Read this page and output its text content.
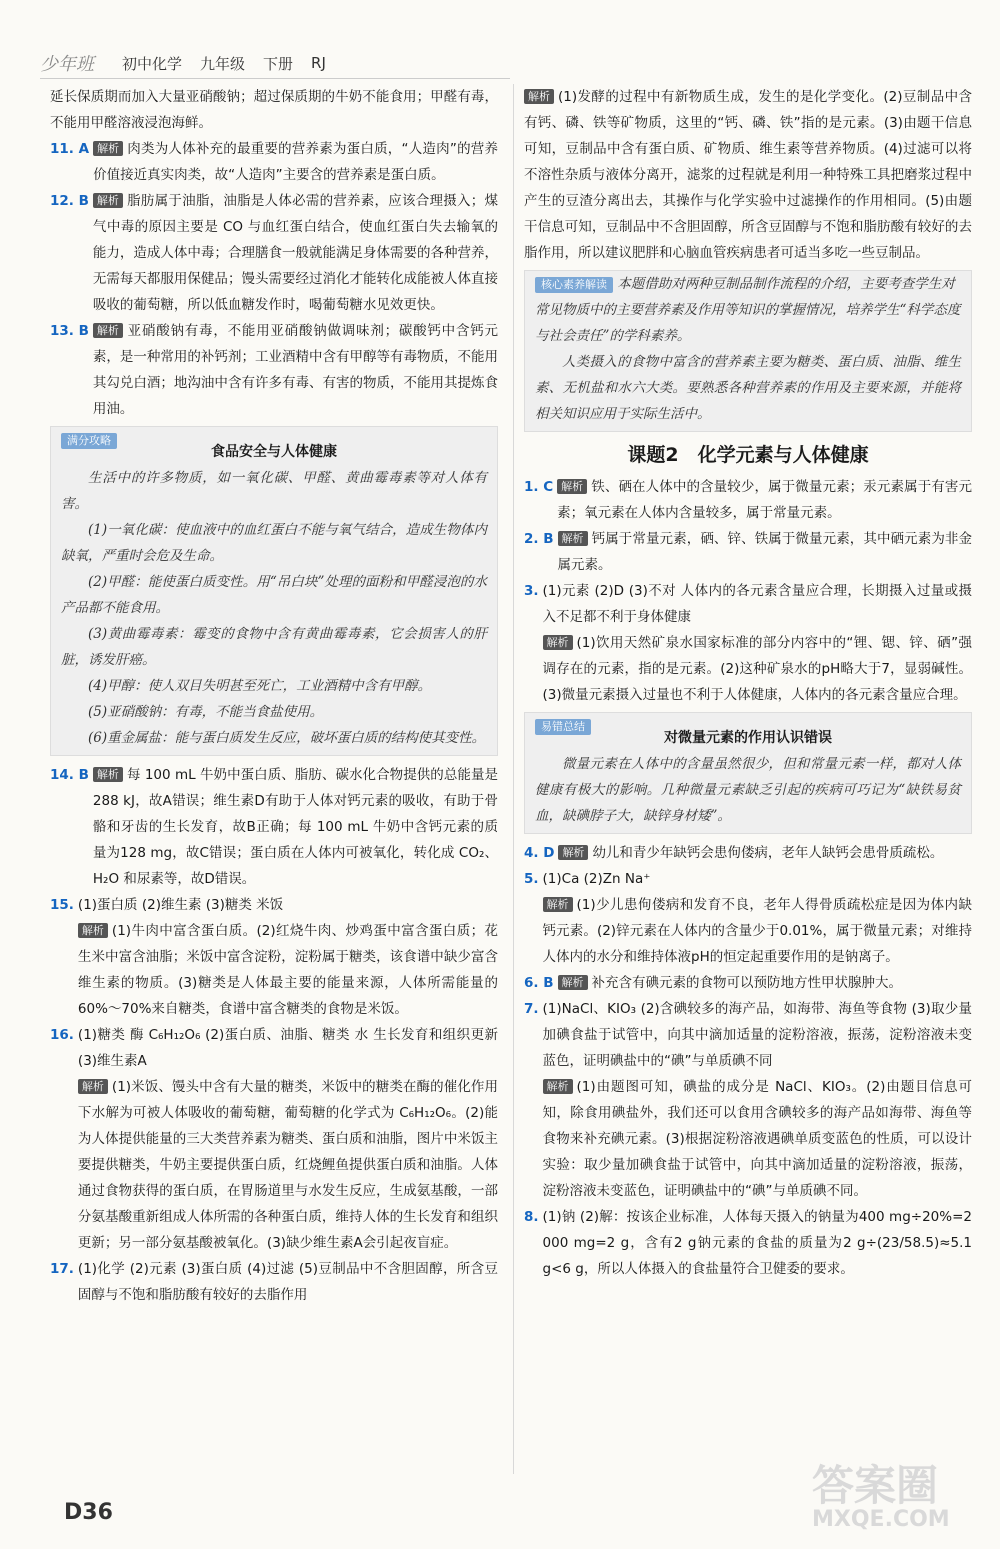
少年班 初中化学 九年级 下册 RJ

延长保质期而加入大量亚硝酸钠；超过保质期的牛奶不能食用；甲醛有毒，不能用甲醛溶液浸泡海鲜。

11. A 解析 肉类为人体补充的最重要的营养素为蛋白质，“人造肉”的营养价值接近真实肉类，故“人造肉”主要含的营养素是蛋白质。

12. B 解析 脂肪属于油脂，油脂是人体必需的营养素，应该合理摄入；煤气中毒的原因主要是 CO 与血红蛋白结合，使血红蛋白失去输氧的能力，造成人体中毒；合理膳食一般就能满足身体需要的各种营养，无需每天都服用保健品；馒头需要经过消化才能转化成能被人体直接吸收的葡萄糖，所以低血糖发作时，喝葡萄糖水见效更快。

13. B 解析 亚硝酸钠有毒，不能用亚硝酸钠做调味剂；碳酸钙中含钙元素，是一种常用的补钙剂；工业酒精中含有甲醇等有毒物质，不能用其勾兑白酒；地沟油中含有许多有毒、有害的物质，不能用其提炼食用油。

满分攻略
食品安全与人体健康

生活中的许多物质，如一氧化碳、甲醛、黄曲霉毒素等对人体有害。

(1)一氧化碳：使血液中的血红蛋白不能与氧气结合，造成生物体内缺氧，严重时会危及生命。

(2)甲醛：能使蛋白质变性。用“吊白块”处理的面粉和甲醛浸泡的水产品都不能食用。

(3)黄曲霉毒素：霉变的食物中含有黄曲霉毒素，它会损害人的肝脏，诱发肝癌。

(4)甲醇：使人双目失明甚至死亡，工业酒精中含有甲醇。

(5)亚硝酸钠：有毒，不能当食盐使用。

(6)重金属盐：能与蛋白质发生反应，破坏蛋白质的结构使其变性。

14. B 解析 每 100 mL 牛奶中蛋白质、脂肪、碳水化合物提供的总能量是288 kJ，故A错误；维生素D有助于人体对钙元素的吸收，有助于骨骼和牙齿的生长发育，故B正确；每 100 mL 牛奶中含钙元素的质量为128 mg，故C错误；蛋白质在人体内可被氧化，转化成 CO₂、H₂O 和尿素等，故D错误。

15. (1)蛋白质 (2)维生素 (3)糖类 米饭

解析 (1)牛肉中富含蛋白质。(2)红烧牛肉、炒鸡蛋中富含蛋白质；花生米中富含油脂；米饭中富含淀粉，淀粉属于糖类，该食谱中缺少富含维生素的物质。(3)糖类是人体最主要的能量来源，人体所需能量的60%～70%来自糖类，食谱中富含糖类的食物是米饭。

16. (1)糖类 酶 C₆H₁₂O₆ (2)蛋白质、油脂、糖类 水 生长发育和组织更新 (3)维生素A

解析 (1)米饭、馒头中含有大量的糖类，米饭中的糖类在酶的催化作用下水解为可被人体吸收的葡萄糖，葡萄糖的化学式为 C₆H₁₂O₆。(2)能为人体提供能量的三大类营养素为糖类、蛋白质和油脂，图片中米饭主要提供糖类，牛奶主要提供蛋白质，红烧鲤鱼提供蛋白质和油脂。人体通过食物获得的蛋白质，在胃肠道里与水发生反应，生成氨基酸，一部分氨基酸重新组成人体所需的各种蛋白质，维持人体的生长发育和组织更新；另一部分氨基酸被氧化。(3)缺少维生素A会引起夜盲症。

17. (1)化学 (2)元素 (3)蛋白质 (4)过滤 (5)豆制品中不含胆固醇，所含豆固醇与不饱和脂肪酸有较好的去脂作用

解析 (1)发酵的过程中有新物质生成，发生的是化学变化。(2)豆制品中含有钙、磷、铁等矿物质，这里的“钙、磷、铁”指的是元素。(3)由题干信息可知，豆制品中含有蛋白质、矿物质、维生素等营养物质。(4)过滤可以将不溶性杂质与液体分离开，滤浆的过程就是利用一种特殊工具把磨浆过程中产生的豆渣分离出去，其操作与化学实验中过滤操作的作用相同。(5)由题干信息可知，豆制品中不含胆固醇，所含豆固醇与不饱和脂肪酸有较好的去脂作用，所以建议肥胖和心脑血管疾病患者可适当多吃一些豆制品。

核心素养解读 本题借助对两种豆制品制作流程的介绍，主要考查学生对常见物质中的主要营养素及作用等知识的掌握情况，培养学生“科学态度与社会责任”的学科素养。

人类摄入的食物中富含的营养素主要为糖类、蛋白质、油脂、维生素、无机盐和水六大类。要熟悉各种营养素的作用及主要来源，并能将相关知识应用于实际生活中。

课题2　化学元素与人体健康
1. C 解析 铁、硒在人体中的含量较少，属于微量元素；汞元素属于有害元素；氧元素在人体内含量较多，属于常量元素。

2. B 解析 钙属于常量元素，硒、锌、铁属于微量元素，其中硒元素为非金属元素。

3. (1)元素 (2)D (3)不对 人体内的各元素含量应合理，长期摄入过量或摄入不足都不利于身体健康

解析 (1)饮用天然矿泉水国家标准的部分内容中的“锂、锶、锌、硒”强调存在的元素，指的是元素。(2)这种矿泉水的pH略大于7，显弱碱性。(3)微量元素摄入过量也不利于人体健康，人体内的各元素含量应合理。

易错总结
对微量元素的作用认识错误

微量元素在人体中的含量虽然很少，但和常量元素一样，都对人体健康有极大的影响。几种微量元素缺乏引起的疾病可巧记为“缺铁易贫血，缺碘脖子大，缺锌身材矮”。

4. D 解析 幼儿和青少年缺钙会患佝偻病，老年人缺钙会患骨质疏松。

5. (1)Ca (2)Zn Na⁺

解析 (1)少儿患佝偻病和发育不良，老年人得骨质疏松症是因为体内缺钙元素。(2)锌元素在人体内的含量少于0.01%，属于微量元素；对维持人体内的水分和维持体液pH的恒定起重要作用的是钠离子。

6. B 解析 补充含有碘元素的食物可以预防地方性甲状腺肿大。

7. (1)NaCl、KIO₃ (2)含碘较多的海产品，如海带、海鱼等食物 (3)取少量加碘食盐于试管中，向其中滴加适量的淀粉溶液，振荡，淀粉溶液未变蓝色，证明碘盐中的“碘”与单质碘不同

解析 (1)由题图可知，碘盐的成分是 NaCl、KIO₃。(2)由题目信息可知，除食用碘盐外，我们还可以食用含碘较多的海产品如海带、海鱼等食物来补充碘元素。(3)根据淀粉溶液遇碘单质变蓝色的性质，可以设计实验：取少量加碘食盐于试管中，向其中滴加适量的淀粉溶液，振荡，淀粉溶液未变蓝色，证明碘盐中的“碘”与单质碘不同。

8. (1)钠 (2)解：按该企业标准，人体每天摄入的钠量为400 mg÷20%=2 000 mg=2 g，含有2 g钠元素的食盐的质量为2 g÷(23/58.5)≈5.1 g<6 g，所以人体摄入的食盐量符合卫健委的要求。

D36
答案圈
MXQE.COM
